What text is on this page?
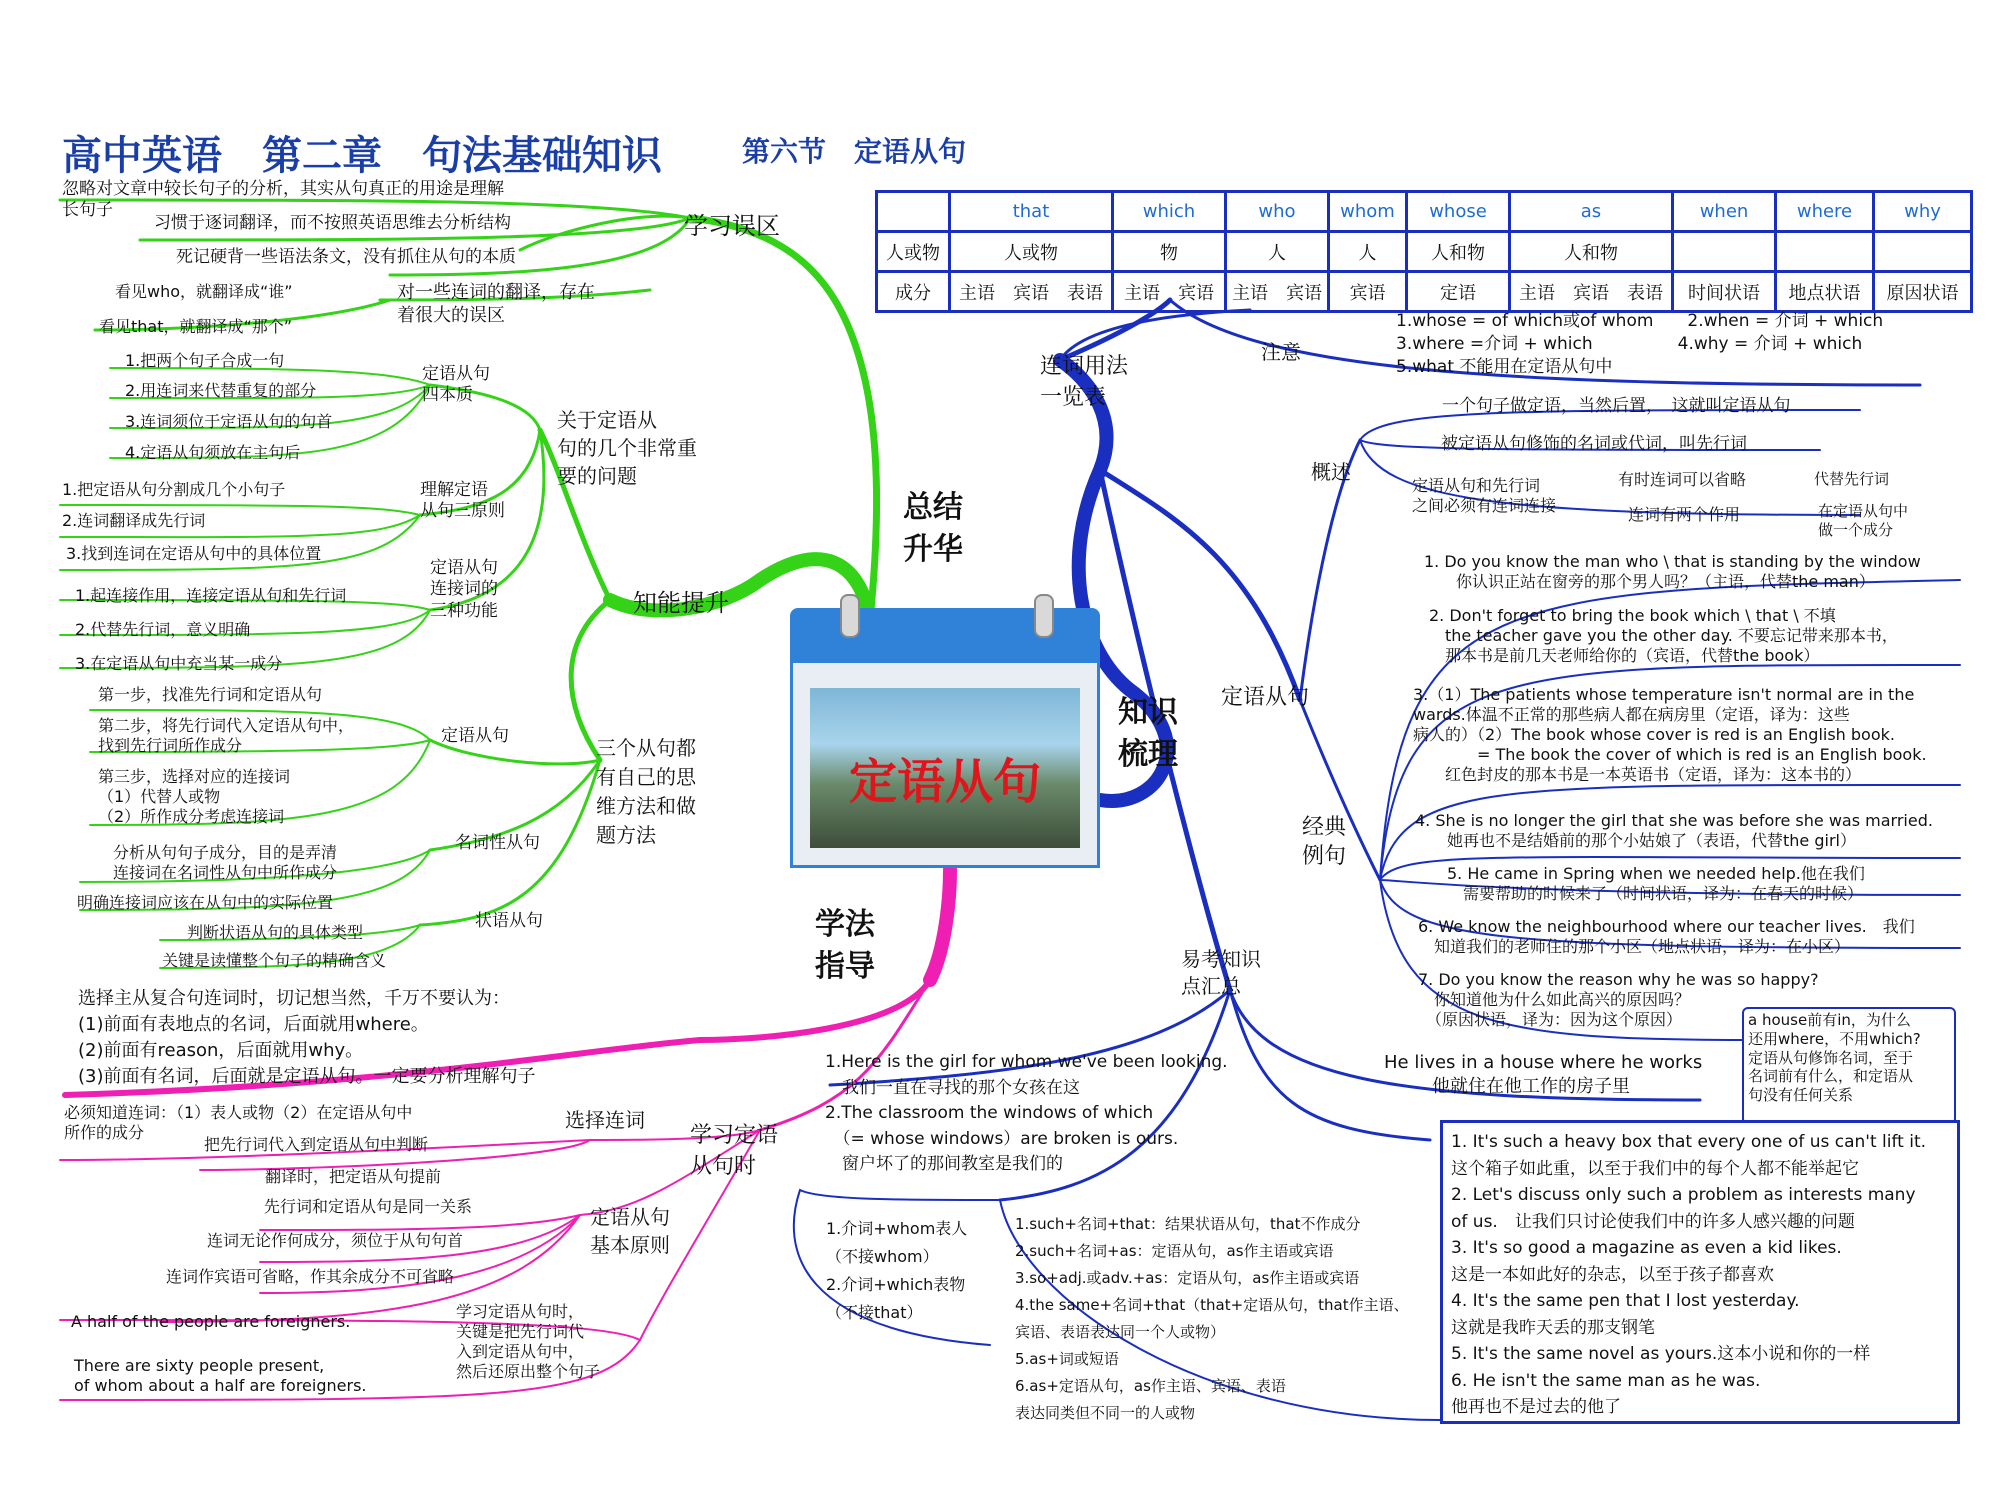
高中英语　第二章　句法基础知识	第六节　定语从句
	that	which	who	whom	whose	as	when	where	why
人或物	人或物	物	人	人	人和物	人和物			
成分	主语　宾语　表语	主语　宾语	主语　宾语	宾语	定语	主语　宾语　表语	时间状语	地点状语	原因状语
定语从句
总结
升华
知识
梳理
学法
指导
学习误区
知能提升
关于定语从
句的几个非常重
要的问题
三个从句都
有自己的思
维方法和做
题方法
忽略对文章中较长句子的分析，其实从句真正的用途是理解
长句子
习惯于逐词翻译，而不按照英语思维去分析结构
死记硬背一些语法条文，没有抓住从句的本质
对一些连词的翻译，存在
着很大的误区
看见who，就翻译成“谁”
看见that，就翻译成“那个”
定语从句
四本质
1.把两个句子合成一句
2.用连词来代替重复的部分
3.连词须位于定语从句的句首
4.定语从句须放在主句后
理解定语
从句三原则
1.把定语从句分割成几个小句子
2.连词翻译成先行词
3.找到连词在定语从句中的具体位置
定语从句
连接词的
三种功能
1.起连接作用，连接定语从句和先行词
2.代替先行词，意义明确
3.在定语从句中充当某一成分
定语从句
第一步，找准先行词和定语从句
第二步，将先行词代入定语从句中，
找到先行词所作成分
第三步，选择对应的连接词
（1）代替人或物
（2）所作成分考虑连接词
名词性从句
分析从句句子成分，目的是弄清
连接词在名词性从句中所作成分
明确连接词应该在从句中的实际位置
状语从句
判断状语从句的具体类型
关键是读懂整个句子的精确含义
选择主从复合句连词时，切记想当然，千万不要认为：
(1)前面有表地点的名词，后面就用where。
(2)前面有reason，后面就用why。
(3)前面有名词，后面就是定语从句。一定要分析理解句子
学习定语
从句时
选择连词
定语从句
基本原则
必须知道连词：（1）表人或物（2）在定语从句中
所作的成分
把先行词代入到定语从句中判断
翻译时，把定语从句提前
先行词和定语从句是同一关系
连词无论作何成分，须位于从句句首
连词作宾语可省略，作其余成分不可省略
A half of the people are foreigners.
There are sixty people present,
of whom about a half are foreigners.
学习定语从句时，
关键是把先行词代
入到定语从句中，
然后还原出整个句子
连词用法
一览表
注意
1.whose = of which或of whom　　2.when = 介词 + which
3.where =介词 + which　　　　　4.why = 介词 + which
5.what 不能用在定语从句中
定语从句
概述
一个句子做定语，当然后置，　这就叫定语从句
被定语从句修饰的名词或代词，叫先行词
定语从句和先行词
之间必须有连词连接
有时连词可以省略
连词有两个作用
代替先行词
在定语从句中
做一个成分
经典
例句
1. Do you know the man who \ that is standing by the window
　　你认识正站在窗旁的那个男人吗？（主语，代替the man）
2. Don't forget to bring the book which \ that \ 不填
　the teacher gave you the other day. 不要忘记带来那本书，
　那本书是前几天老师给你的（宾语，代替the book）
3.（1）The patients whose temperature isn't normal are in the
wards.体温不正常的那些病人都在病房里（定语，译为：这些
病人的）（2）The book whose cover is red is an English book.
　　　　= The book the cover of which is red is an English book.
　　红色封皮的那本书是一本英语书（定语，译为：这本书的）
4. She is no longer the girl that she was before she was married.
　　她再也不是结婚前的那个小姑娘了（表语，代替the girl）
5. He came in Spring when we needed help.他在我们
　需要帮助的时候来了（时间状语，译为：在春天的时候）
6. We know the neighbourhood where our teacher lives.　我们
　知道我们的老师住的那个小区（地点状语，译为：在小区）
7. Do you know the reason why he was so happy?
　你知道他为什么如此高兴的原因吗？
　（原因状语，译为：因为这个原因）	a house前有in，为什么
还用where，不用which?
定语从句修饰名词，至于
名词前有什么，和定语从
句没有任何关系
He lives in a house where he works
他就住在他工作的房子里
易考知识
点汇总
1.Here is the girl for whom we've been looking.
　我们一直在寻找的那个女孩在这
2.The classroom the windows of which
　（= whose windows）are broken is ours.
　窗户坏了的那间教室是我们的
1.介词+whom表人
（不接whom）
2.介词+which表物
（不接that）
1.such+名词+that：结果状语从句，that不作成分
2.such+名词+as：定语从句，as作主语或宾语
3.so+adj.或adv.+as：定语从句，as作主语或宾语
4.the same+名词+that（that+定语从句，that作主语、
宾语、表语表达同一个人或物）
5.as+词或短语
6.as+定语从句，as作主语、宾语、表语
表达同类但不同一的人或物
1. It's such a heavy box that every one of us can't lift it.
这个箱子如此重，以至于我们中的每个人都不能举起它
2. Let's discuss only such a problem as interests many
of us.　让我们只讨论使我们中的许多人感兴趣的问题
3. It's so good a magazine as even a kid likes.
这是一本如此好的杂志，以至于孩子都喜欢
4. It's the same pen that I lost yesterday.
这就是我昨天丢的那支钢笔
5. It's the same novel as yours.这本小说和你的一样
6. He isn't the same man as he was.
他再也不是过去的他了
